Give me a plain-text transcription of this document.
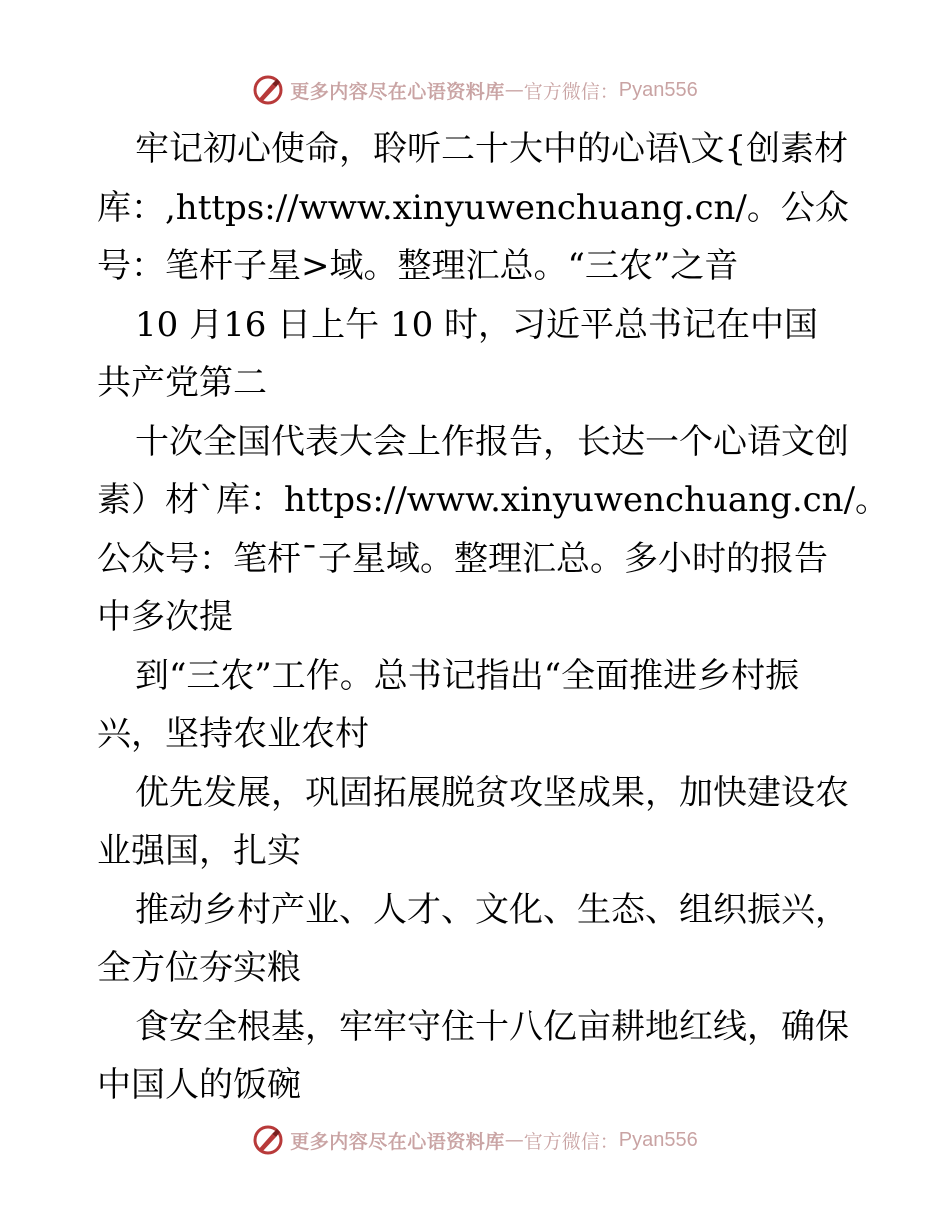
更多内容尽在心语资料库 — 官方微信： Pyan556
牢记初心使命，聆听二十大中的心语\文{创素材
库：,https://www.xinyuwenchuang.cn/。公众
号：笔杆子星>域。整理汇总。“三农”之音
10 月16 日上午 10 时，习近平总书记在中国
共产党第二
十次全国代表大会上作报告，长达一个心语文创
素）材`库：https://www.xinyuwenchuang.cn/。
公众号：笔杆¯子星域。整理汇总。多小时的报告
中多次提
到“三农”工作。总书记指出“全面推进乡村振
兴，坚持农业农村
优先发展，巩固拓展脱贫攻坚成果，加快建设农
业强国，扎实
推动乡村产业、人才、文化、生态、组织振兴，
全方位夯实粮
食安全根基，牢牢守住十八亿亩耕地红线，确保
中国人的饭碗
更多内容尽在心语资料库 — 官方微信： Pyan556
